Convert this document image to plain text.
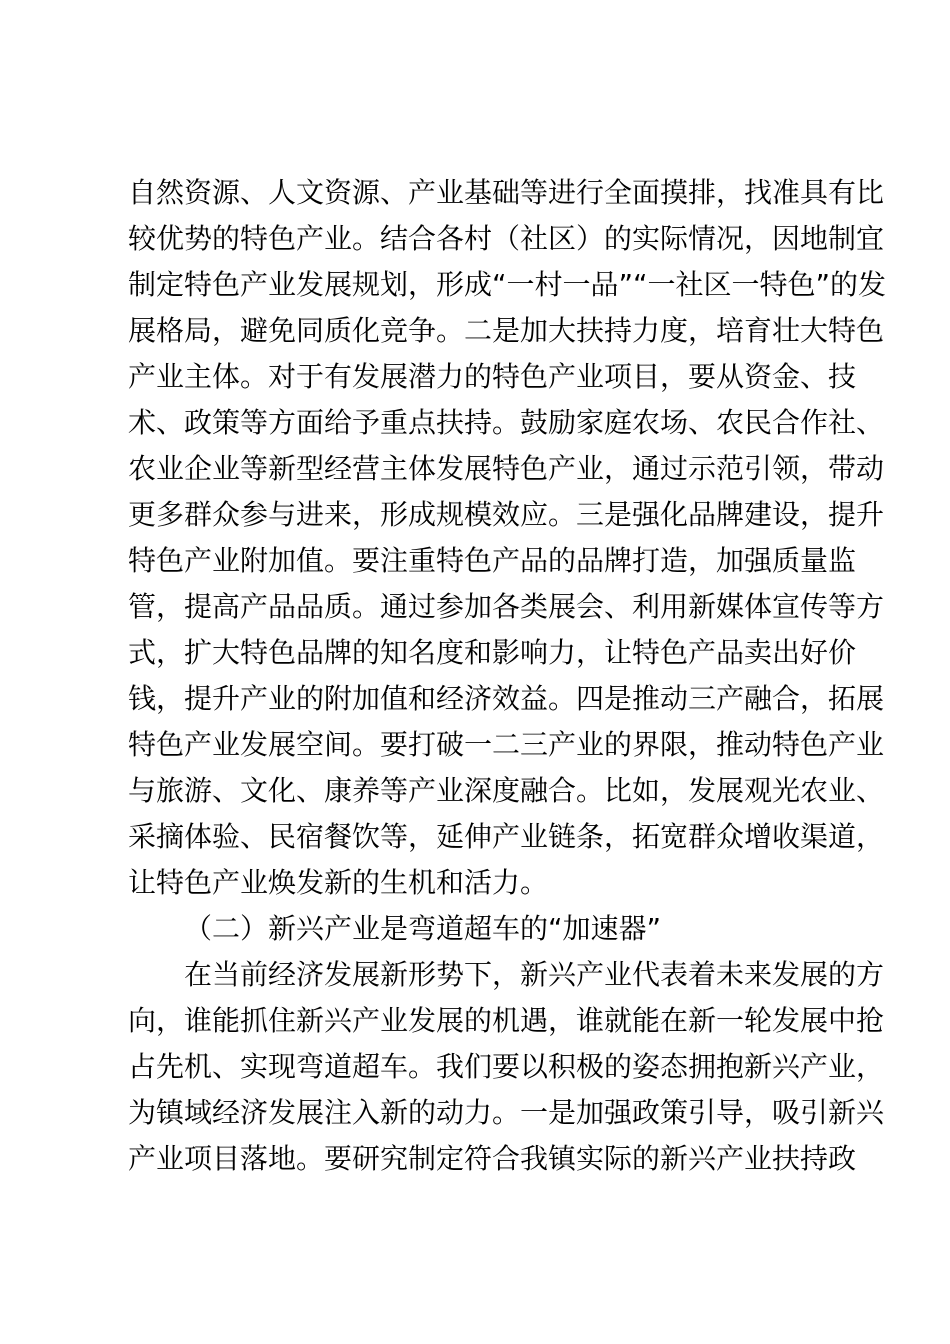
自然资源、人文资源、产业基础等进行全面摸排，找准具有比
较优势的特色产业。结合各村（社区）的实际情况，因地制宜
制定特色产业发展规划，形成“一村一品”“一社区一特色”的发
展格局，避免同质化竞争。二是加大扶持力度，培育壮大特色
产业主体。对于有发展潜力的特色产业项目，要从资金、技
术、政策等方面给予重点扶持。鼓励家庭农场、农民合作社、
农业企业等新型经营主体发展特色产业，通过示范引领，带动
更多群众参与进来，形成规模效应。三是强化品牌建设，提升
特色产业附加值。要注重特色产品的品牌打造，加强质量监
管，提高产品品质。通过参加各类展会、利用新媒体宣传等方
式，扩大特色品牌的知名度和影响力，让特色产品卖出好价
钱，提升产业的附加值和经济效益。四是推动三产融合，拓展
特色产业发展空间。要打破一二三产业的界限，推动特色产业
与旅游、文化、康养等产业深度融合。比如，发展观光农业、
采摘体验、民宿餐饮等，延伸产业链条，拓宽群众增收渠道，
让特色产业焕发新的生机和活力。
（二）新兴产业是弯道超车的“加速器”
在当前经济发展新形势下，新兴产业代表着未来发展的方
向，谁能抓住新兴产业发展的机遇，谁就能在新一轮发展中抢
占先机、实现弯道超车。我们要以积极的姿态拥抱新兴产业，
为镇域经济发展注入新的动力。一是加强政策引导，吸引新兴
产业项目落地。要研究制定符合我镇实际的新兴产业扶持政
